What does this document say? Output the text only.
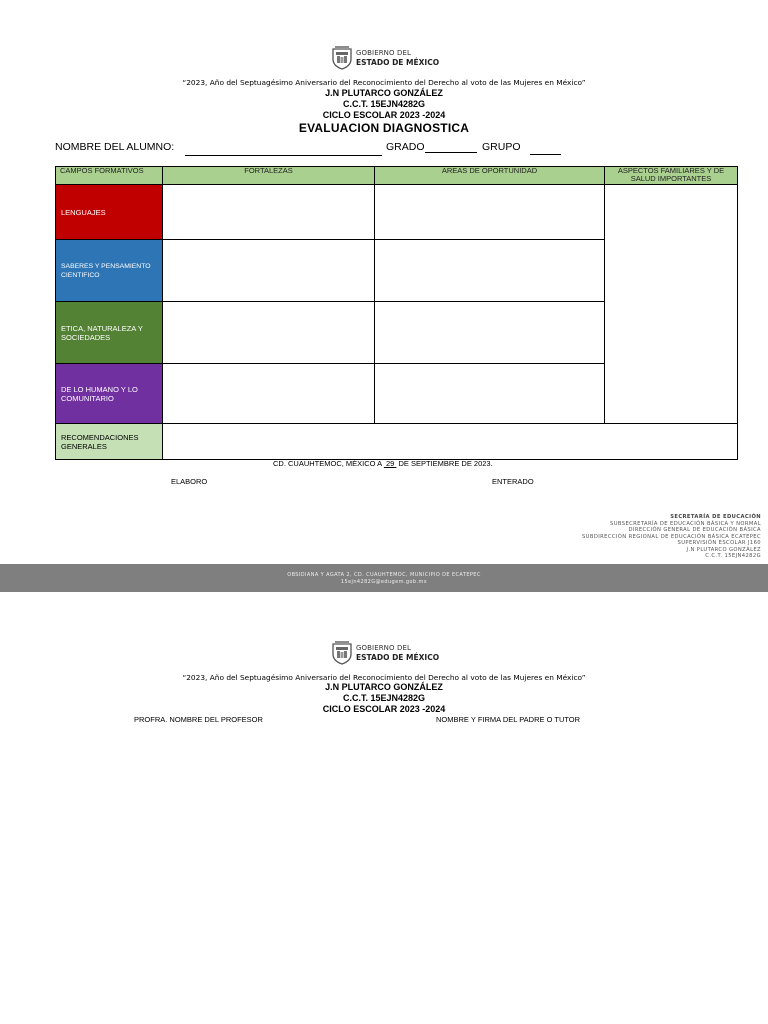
GOBIERNO DEL
ESTADO DE MÉXICO
“2023, Año del Septuagésimo Aniversario del Reconocimiento del Derecho al voto de las Mujeres en México”
J.N PLUTARCO GONZÁLEZ
C.C.T. 15EJN4282G
CICLO ESCOLAR 2023 -2024
EVALUACION DIAGNOSTICA
NOMBRE DEL ALUMNO:	GRADO	GRUPO
CAMPOS FORMATIVOS	FORTALEZAS	AREAS DE OPORTUNIDAD	ASPECTOS FAMILIARES Y DE SALUD IMPORTANTES
LENGUAJES			
SABERES Y PENSAMIENTO CIENTIFICO			
ETICA, NATURALEZA Y SOCIEDADES			
DE LO HUMANO Y LO COMUNITARIO			
RECOMENDACIONES GENERALES			
CD. CUAUHTEMOC, MÉXICO A 29 DE SEPTIEMBRE DE 2023.
ELABORO	ENTERADO
SECRETARÍA DE EDUCACIÓN
SUBSECRETARÍA DE EDUCACIÓN BÁSICA Y NORMAL
DIRECCIÓN GENERAL DE EDUCACIÓN BÁSICA
SUBDIRECCIÓN REGIONAL DE EDUCACIÓN BÁSICA ECATEPEC
SUPERVISIÓN ESCOLAR J160
J.N PLUTARCO GONZÁLEZ
C.C.T. 15EJN4282G
OBSIDIANA Y AGATA 2, CD. CUAUHTEMOC, MUNICIPIO DE ECATEPEC
15ejn4282G@edugem.gob.mx
GOBIERNO DEL
ESTADO DE MÉXICO
“2023, Año del Septuagésimo Aniversario del Reconocimiento del Derecho al voto de las Mujeres en México”
J.N PLUTARCO GONZÁLEZ
C.C.T. 15EJN4282G
CICLO ESCOLAR 2023 -2024
PROFRA. NOMBRE DEL PROFESOR	NOMBRE Y FIRMA DEL PADRE O TUTOR
